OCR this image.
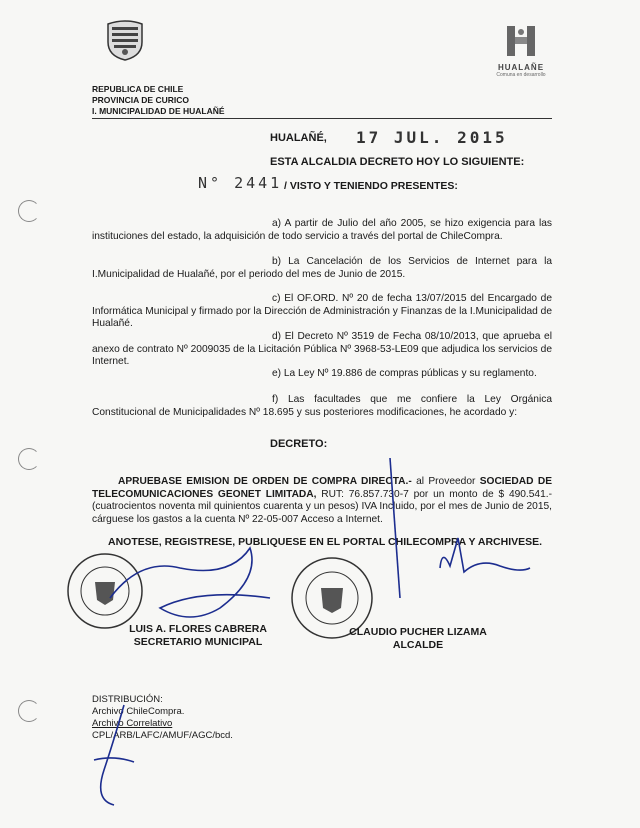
HUALAÑE
Comuna en desarrollo
REPUBLICA DE CHILE
PROVINCIA DE CURICO
I. MUNICIPALIDAD DE HUALAÑÉ
HUALAÑÉ, 17 JUL. 2015
ESTA ALCALDIA DECRETO HOY LO SIGUIENTE:
N° 2441 / VISTO Y TENIENDO PRESENTES:
a) A partir de Julio del año 2005, se hizo exigencia para las instituciones del estado, la adquisición de todo servicio a través del portal de ChileCompra.
b) La Cancelación de los Servicios de Internet para la I.Municipalidad de Hualañé, por el periodo del mes de Junio de 2015.
c) El OF.ORD. Nº 20 de fecha 13/07/2015 del Encargado de Informática Municipal y firmado por la Dirección de Administración y Finanzas de la I.Municipalidad de Hualañé.
d) El Decreto Nº 3519 de Fecha 08/10/2013, que aprueba el anexo de contrato Nº 2009035 de la Licitación Pública Nº 3968-53-LE09 que adjudica los servicios de Internet.
e) La Ley Nº 19.886 de compras públicas y su reglamento.
f) Las facultades que me confiere la Ley Orgánica Constitucional de Municipalidades Nº 18.695 y sus posteriores modificaciones, he acordado y:
DECRETO:
APRUEBASE EMISION DE ORDEN DE COMPRA DIRECTA.- al Proveedor SOCIEDAD DE TELECOMUNICACIONES GEONET LIMITADA, RUT: 76.857.730-7 por un monto de $ 490.541.- (cuatrocientos noventa mil quinientos cuarenta y un pesos) IVA Incluido, por el mes de Junio de 2015, cárguese los gastos a la cuenta Nº 22-05-007 Acceso a Internet.
ANOTESE, REGISTRESE, PUBLIQUESE EN EL PORTAL CHILECOMPRA Y ARCHIVESE.
LUIS A. FLORES CABRERA
SECRETARIO MUNICIPAL
CLAUDIO PUCHER LIZAMA
ALCALDE
DISTRIBUCIÓN:
Archivo ChileCompra.
Archivo Correlativo
CPL/ARB/LAFC/AMUF/AGC/bcd.
